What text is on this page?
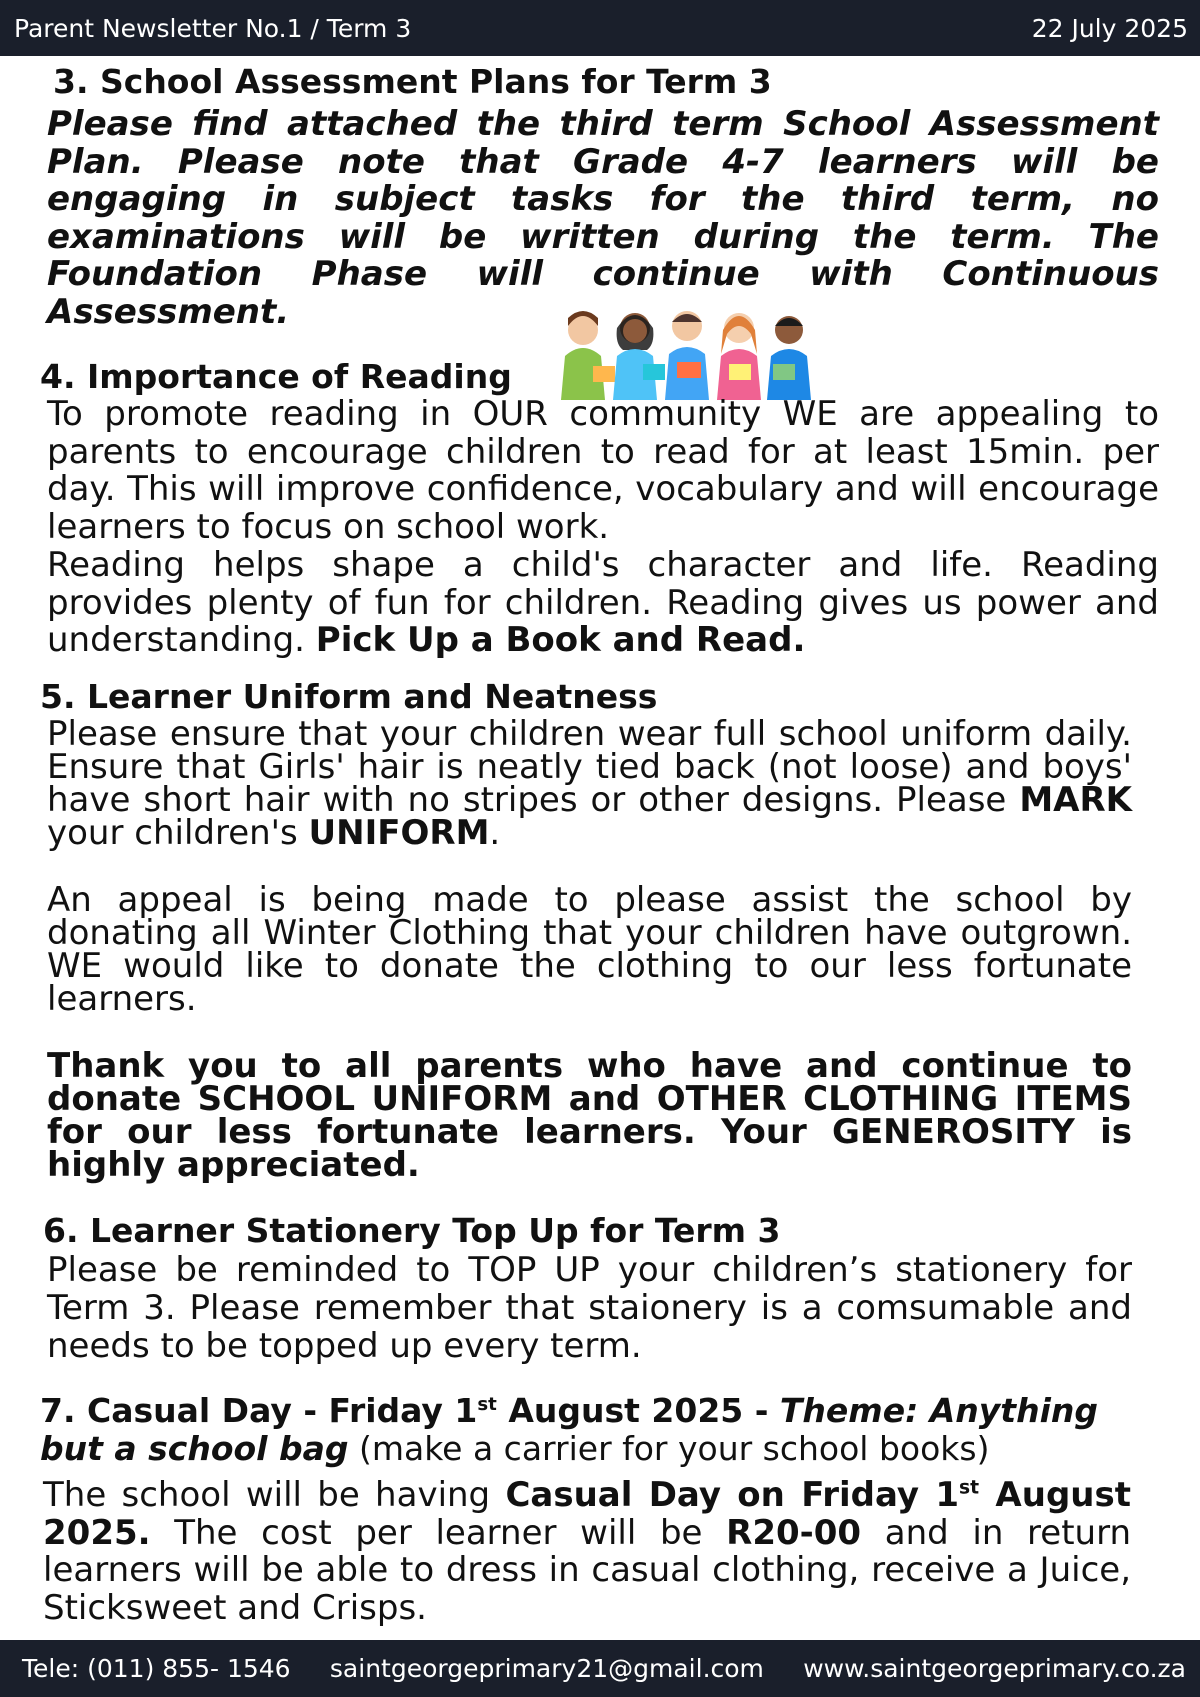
Parent Newsletter No.1 / Term 3	22 July 2025
3. School Assessment Plans for Term 3
Please find attached the third term School Assessment Plan. Please note that Grade 4-7 learners will be engaging in subject tasks for the third term, no examinations will be written during the term. The Foundation Phase will continue with Continuous Assessment.
4. Importance of Reading
To promote reading in OUR community WE are appealing to parents to encourage children to read for at least 15min. per day. This will improve confidence, vocabulary and will encourage learners to focus on school work.
Reading helps shape a child's character and life. Reading provides plenty of fun for children. Reading gives us power and understanding. Pick Up a Book and Read.
5. Learner Uniform and Neatness
Please ensure that your children wear full school uniform daily. Ensure that Girls' hair is neatly tied back (not loose) and boys' have short hair with no stripes or other designs. Please MARK your children's UNIFORM.
An appeal is being made to please assist the school by donating all Winter Clothing that your children have outgrown. WE would like to donate the clothing to our less fortunate learners.
Thank you to all parents who have and continue to donate SCHOOL UNIFORM and OTHER CLOTHING ITEMS for our less fortunate learners. Your GENEROSITY is highly appreciated.
6. Learner Stationery Top Up for Term 3
Please be reminded to TOP UP your children’s stationery for Term 3. Please remember that staionery is a comsumable and needs to be topped up every term.
7. Casual Day - Friday 1st August 2025 - Theme: Anything but a school bag (make a carrier for your school books)
The school will be having Casual Day on Friday 1st August 2025. The cost per learner will be R20-00 and in return learners will be able to dress in casual clothing, receive a Juice, Sticksweet and Crisps.
Tele: (011) 855- 1546 saintgeorgeprimary21@gmail.com www.saintgeorgeprimary.co.za
